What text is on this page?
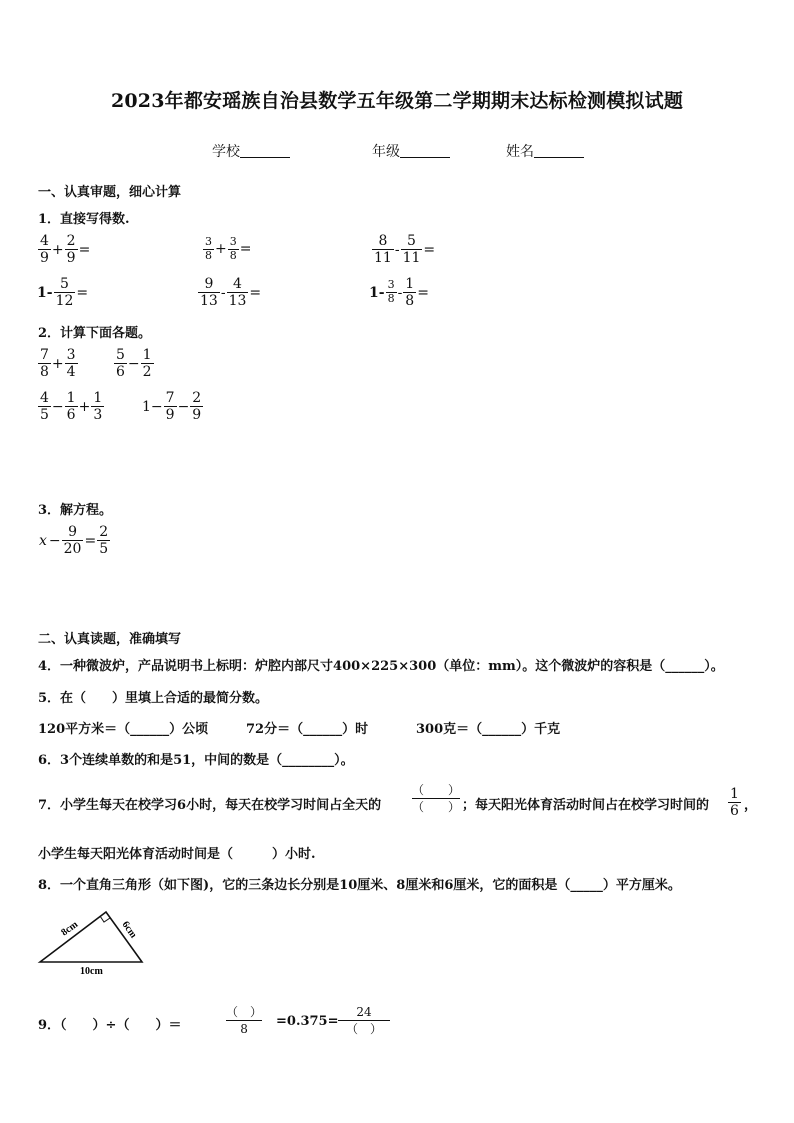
2023年都安瑶族自治县数学五年级第二学期期末达标检测模拟试题
学校	年级	姓名
一、认真审题，细心计算
1．直接写得数.
$\frac{4}{9} + \frac{2}{9}$ =	$\frac{3}{8} + \frac{3}{8}$ =	$\frac{8}{11} - \frac{5}{11}$ =
$1- \frac{5}{12}$ =	$\frac{9}{13} - \frac{4}{13}$ =	$1- \frac{3}{8} - \frac{1}{8}$ =
2．计算下面各题。
$\frac{7}{8} + \frac{3}{4}$	$\frac{5}{6} - \frac{1}{2}$
$\frac{4}{5} - \frac{1}{6} + \frac{1}{3}$	$1- \frac{7}{9} - \frac{2}{9}$
3．解方程。
$x - \frac{9}{20} = \frac{2}{5}$
二、认真读题，准确填写
4．一种微波炉，产品说明书上标明：炉腔内部尺寸400×225×300（单位：mm）。这个微波炉的容积是（______）。
5．在（　　）里填上合适的最简分数。
120平方米＝（______）公顷	72分＝（______）时	300克＝（______）千克
6．3个连续单数的和是51，中间的数是（________）。
7．小学生每天在校学习6小时，每天在校学习时间占全天的
（　　）
（　　） ；每天阳光体育活动时间占在校学习时间的 $\frac{1}{6}$ ，
小学生每天阳光体育活动时间是（　　　）小时.
8．一个直角三角形（如下图)，它的三条边长分别是10厘米、8厘米和6厘米，它的面积是（_____）平方厘米。
8cm	6cm
10cm
9．（　　）÷（　　）＝
（　）
8
=0.375=
24
（　）
